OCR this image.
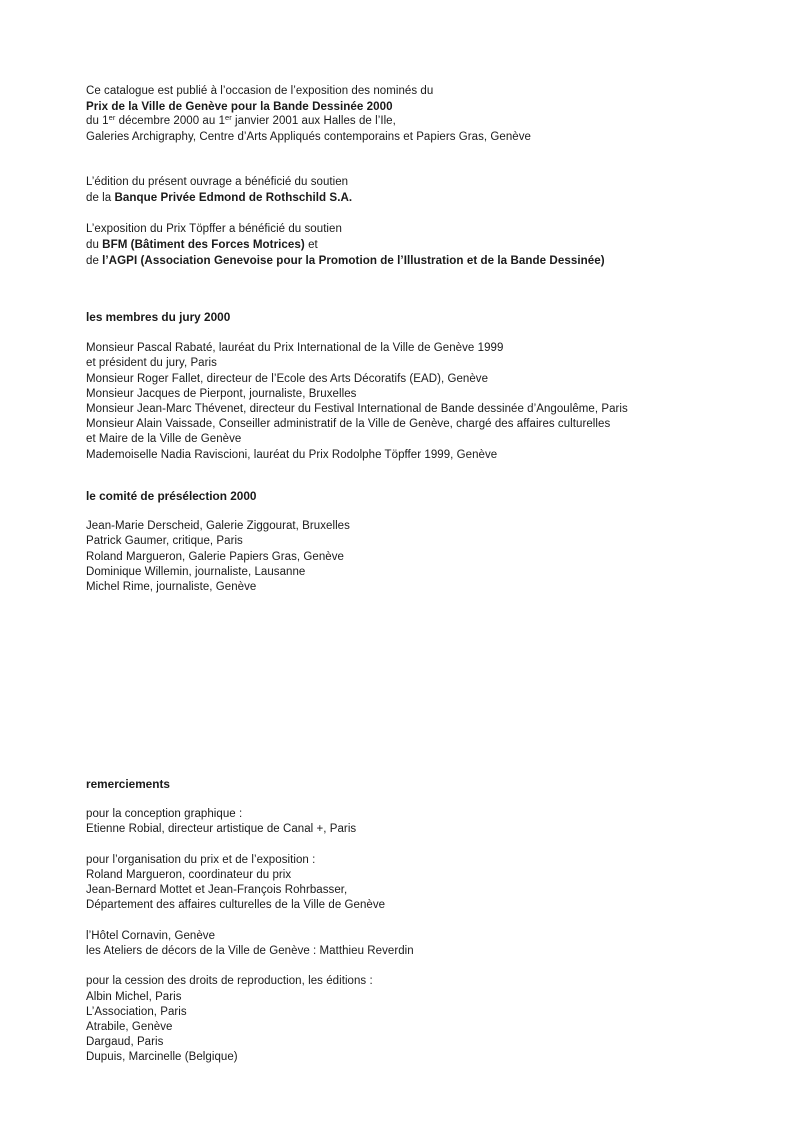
Ce catalogue est publié à l’occasion de l’exposition des nominés du
Prix de la Ville de Genève pour la Bande Dessinée 2000
du 1er décembre 2000 au 1er janvier 2001 aux Halles de l’Ile,
Galeries Archigraphy, Centre d’Arts Appliqués contemporains et Papiers Gras, Genève
L’édition du présent ouvrage a bénéficié du soutien
de la Banque Privée Edmond de Rothschild S.A.
L’exposition du Prix Töpffer a bénéficié du soutien
du BFM (Bâtiment des Forces Motrices) et
de l’AGPI (Association Genevoise pour la Promotion de l’Illustration et de la Bande Dessinée)
les membres du jury 2000
Monsieur Pascal Rabaté, lauréat du Prix International de la Ville de Genève 1999
et président du jury, Paris
Monsieur Roger Fallet, directeur de l’Ecole des Arts Décoratifs (EAD), Genève
Monsieur Jacques de Pierpont, journaliste, Bruxelles
Monsieur Jean-Marc Thévenet, directeur du Festival International de Bande dessinée d’Angoulême, Paris
Monsieur Alain Vaissade, Conseiller administratif de la Ville de Genève, chargé des affaires culturelles
et Maire de la Ville de Genève
Mademoiselle Nadia Raviscioni, lauréat du Prix Rodolphe Töpffer 1999, Genève
le comité de présélection 2000
Jean-Marie Derscheid, Galerie Ziggourat, Bruxelles
Patrick Gaumer, critique, Paris
Roland Margueron, Galerie Papiers Gras, Genève
Dominique Willemin, journaliste, Lausanne
Michel Rime, journaliste, Genève
remerciements
pour la conception graphique :
Etienne Robial, directeur artistique de Canal +, Paris
pour l’organisation du prix et de l’exposition :
Roland Margueron, coordinateur du prix
Jean-Bernard Mottet et Jean-François Rohrbasser,
Département des affaires culturelles de la Ville de Genève
l’Hôtel Cornavin, Genève
les Ateliers de décors de la Ville de Genève : Matthieu Reverdin
pour la cession des droits de reproduction, les éditions :
Albin Michel, Paris
L’Association, Paris
Atrabile, Genève
Dargaud, Paris
Dupuis, Marcinelle (Belgique)
